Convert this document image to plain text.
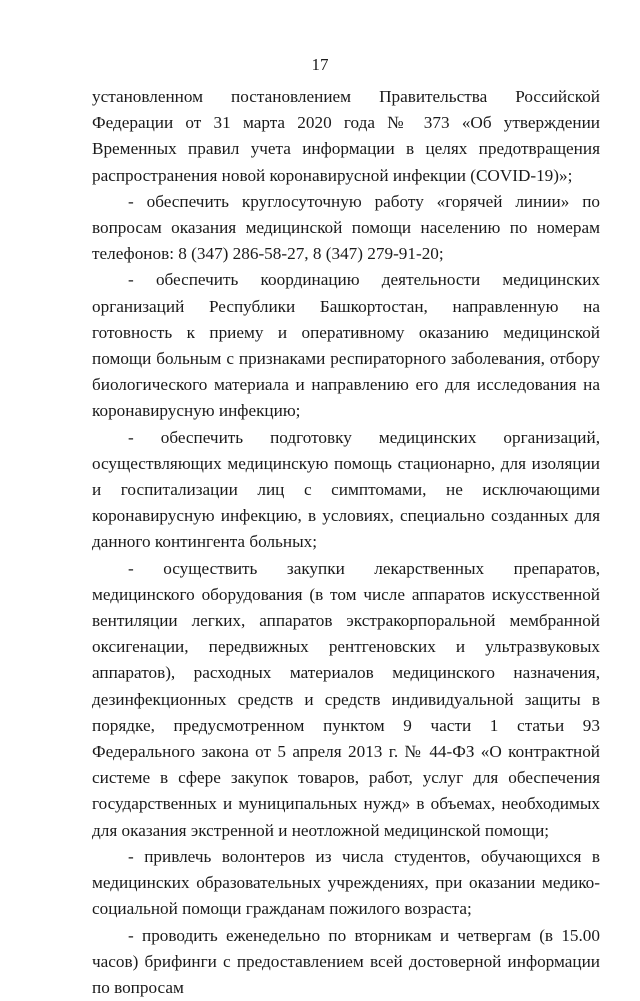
17

установленном постановлением Правительства Российской Федерации от 31 марта 2020 года № 373 «Об утверждении Временных правил учета информации в целях предотвращения распространения новой коронавирусной инфекции (COVID-19)»;

- обеспечить круглосуточную работу «горячей линии» по вопросам оказания медицинской помощи населению по номерам телефонов: 8 (347) 286-58-27, 8 (347) 279-91-20;

- обеспечить координацию деятельности медицинских организаций Республики Башкортостан, направленную на готовность к приему и оперативному оказанию медицинской помощи больным с признаками респираторного заболевания, отбору биологического материала и направлению его для исследования на коронавирусную инфекцию;

- обеспечить подготовку медицинских организаций, осуществляющих медицинскую помощь стационарно, для изоляции и госпитализации лиц с симптомами, не исключающими коронавирусную инфекцию, в условиях, специально созданных для данного контингента больных;

- осуществить закупки лекарственных препаратов, медицинского оборудования (в том числе аппаратов искусственной вентиляции легких, аппаратов экстракорпоральной мембранной оксигенации, передвижных рентгеновских и ультразвуковых аппаратов), расходных материалов медицинского назначения, дезинфекционных средств и средств индивидуальной защиты в порядке, предусмотренном пунктом 9 части 1 статьи 93 Федерального закона от 5 апреля 2013 г. № 44-ФЗ «О контрактной системе в сфере закупок товаров, работ, услуг для обеспечения государственных и муниципальных нужд» в объемах, необходимых для оказания экстренной и неотложной медицинской помощи;

- привлечь волонтеров из числа студентов, обучающихся в медицинских образовательных учреждениях, при оказании медико-социальной помощи гражданам пожилого возраста;

- проводить еженедельно по вторникам и четвергам (в 15.00 часов) брифинги с предоставлением всей достоверной информации по вопросам
